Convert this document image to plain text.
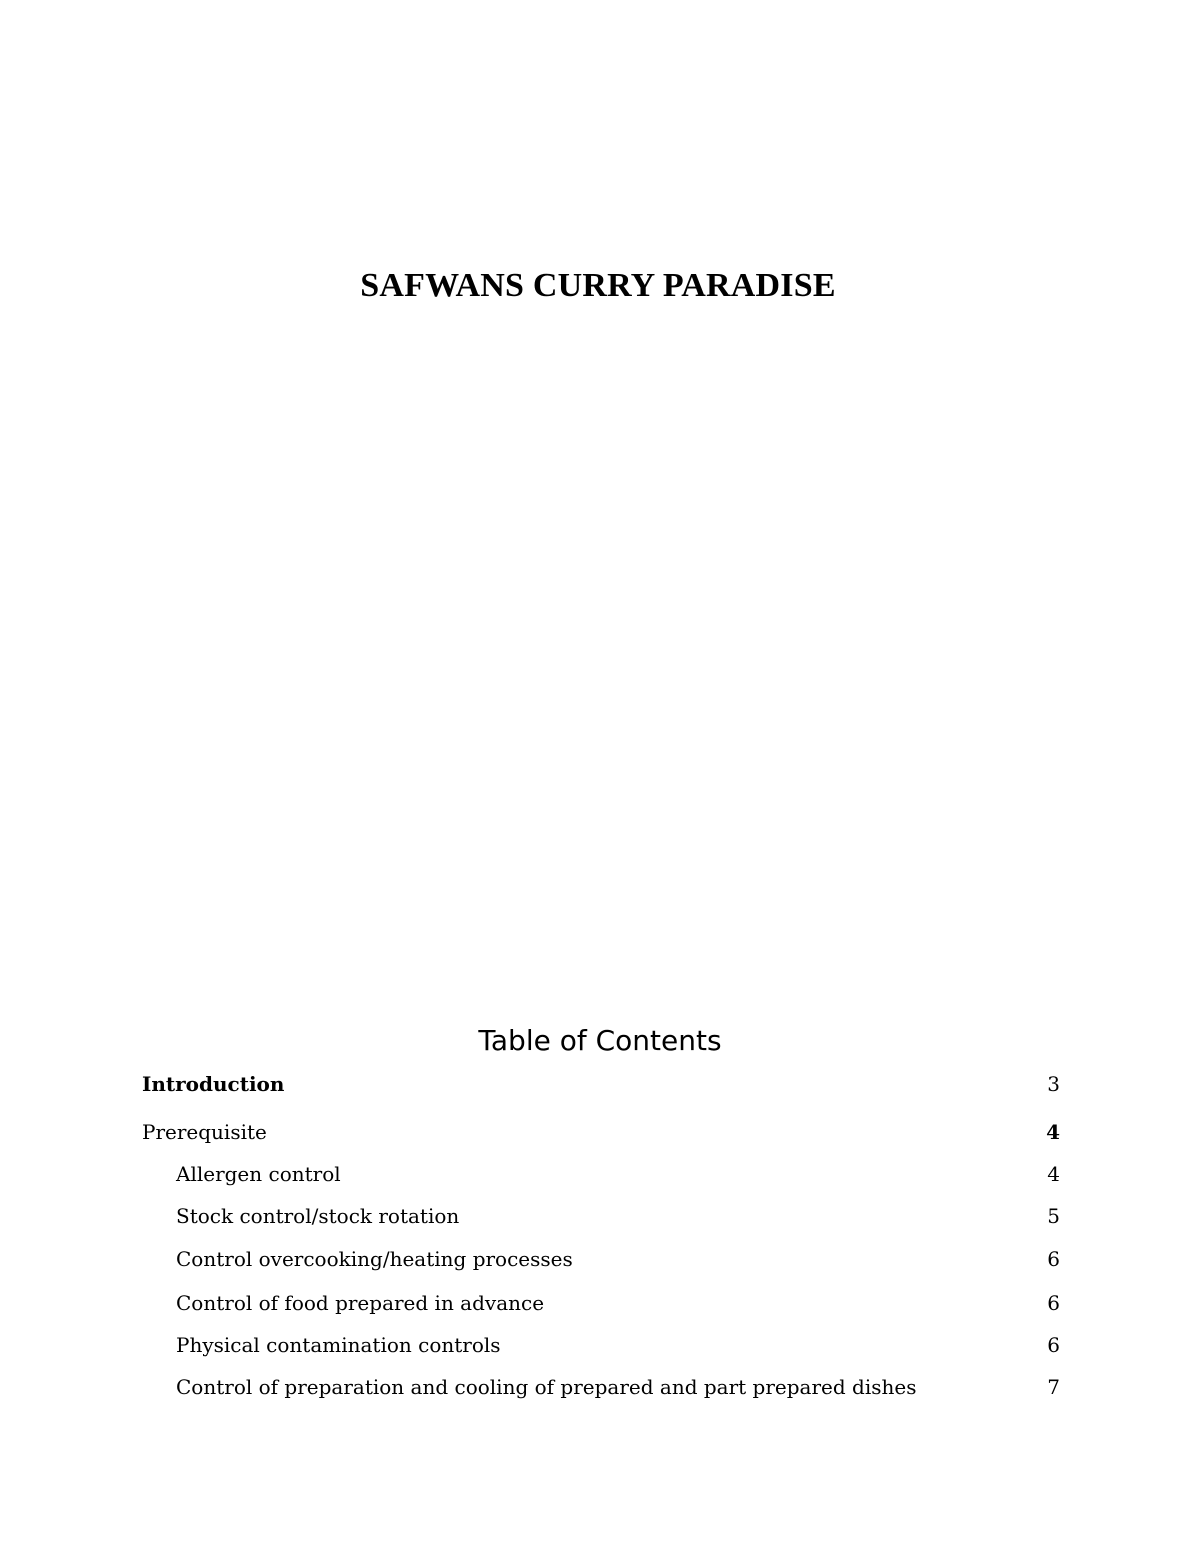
SAFWANS CURRY PARADISE
Table of Contents
Introduction	3
Prerequisite	4
Allergen control	4
Stock control/stock rotation	5
Control overcooking/heating processes	6
Control of food prepared in advance	6
Physical contamination controls	6
Control of preparation and cooling of prepared and part prepared dishes	7
